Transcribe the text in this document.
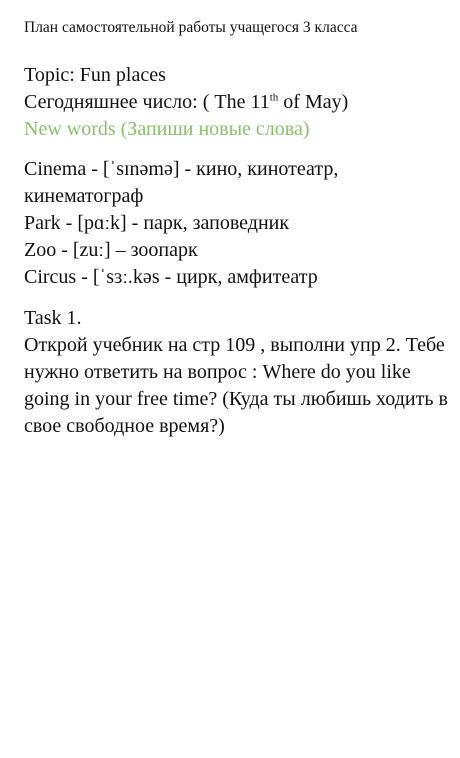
План самостоятельной работы учащегося 3 класса
Topic: Fun places
Сегодняшнее число: ( The 11th of May)
New words (Запиши новые слова)
Cinema - [ˈsɪnəmə] - кино, кинотеатр, кинематограф
Park - [pɑːk] - парк, заповедник
Zoo - [zuː] – зоопарк
Circus - [ˈsɜː.kəs - цирк, амфитеатр
Task 1.
Открой учебник на стр 109 , выполни упр 2. Тебе нужно ответить на вопрос : Where do you like going in your free time? (Куда ты любишь ходить в свое свободное время?)
